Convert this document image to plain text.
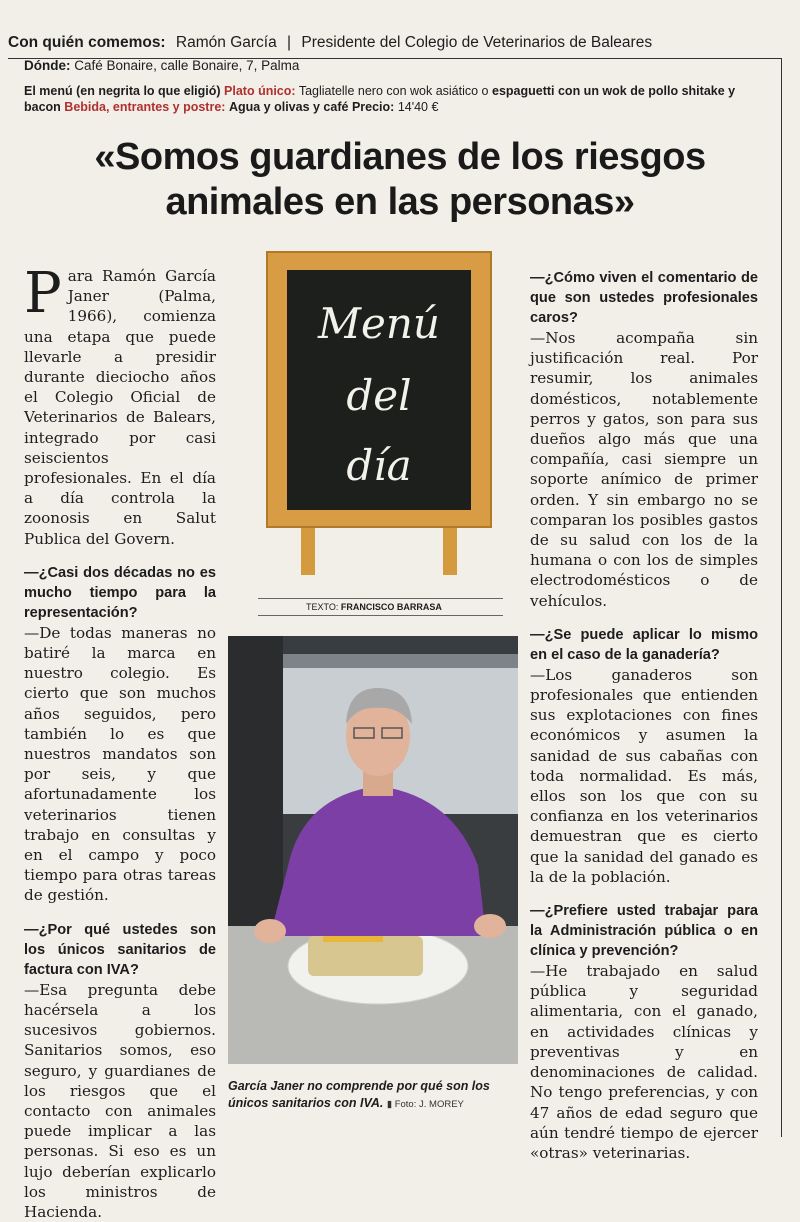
Con quién comemos: Ramón García | Presidente del Colegio de Veterinarios de Baleares
Dónde: Café Bonaire, calle Bonaire, 7, Palma
El menú (en negrita lo que eligió) Plato único: Tagliatelle nero con wok asiático o espaguetti con un wok de pollo shitake y bacon Bebida, entrantes y postre: Agua y olivas y café Precio: 14'40 €
«Somos guardianes de los riesgos
animales en las personas»

Para Ramón García Janer (Palma, 1966), comienza una etapa que puede llevarle a presidir durante dieciocho años el Colegio Oficial de Veterinarios de Balears, integrado por casi seiscientos profesionales. En el día a día controla la zoonosis en Salut Publica del Govern.

—¿Casi dos décadas no es mucho tiempo para la representación?

—De todas maneras no batiré la marca en nuestro colegio. Es cierto que son muchos años seguidos, pero también lo es que nuestros mandatos son por seis, y que afortunadamente los veterinarios tienen trabajo en consultas y en el campo y poco tiempo para otras tareas de gestión.

—¿Por qué ustedes son los únicos sanitarios de factura con IVA?

—Esa pregunta debe hacérsela a los sucesivos gobiernos. Sanitarios somos, eso seguro, y guardianes de los riesgos que el contacto con animales puede implicar a las personas. Si eso es un lujo deberían explicarlo los ministros de Hacienda.

Menú
del
día
TEXTO: FRANCISCO BARRASA
García Janer no comprende por qué son los únicos sanitarios con IVA. ▮ Foto: J. MOREY

—¿Cómo viven el comentario de que son ustedes profesionales caros?

—Nos acompaña sin justificación real. Por resumir, los animales domésticos, notablemente perros y gatos, son para sus dueños algo más que una compañía, casi siempre un soporte anímico de primer orden. Y sin embargo no se comparan los posibles gastos de su salud con los de la humana o con los de simples electrodomésticos o de vehículos.

—¿Se puede aplicar lo mismo en el caso de la ganadería?

—Los ganaderos son profesionales que entienden sus explotaciones con fines económicos y asumen la sanidad de sus cabañas con toda normalidad. Es más, ellos son los que con su confianza en los veterinarios demuestran que es cierto que la sanidad del ganado es la de la población.

—¿Prefiere usted trabajar para la Administración pública o en clínica y prevención?

—He trabajado en salud pública y seguridad alimentaria, con el ganado, en actividades clínicas y preventivas y en denominaciones de calidad. No tengo preferencias, y con 47 años de edad seguro que aún tendré tiempo de ejercer «otras» veterinarias.
